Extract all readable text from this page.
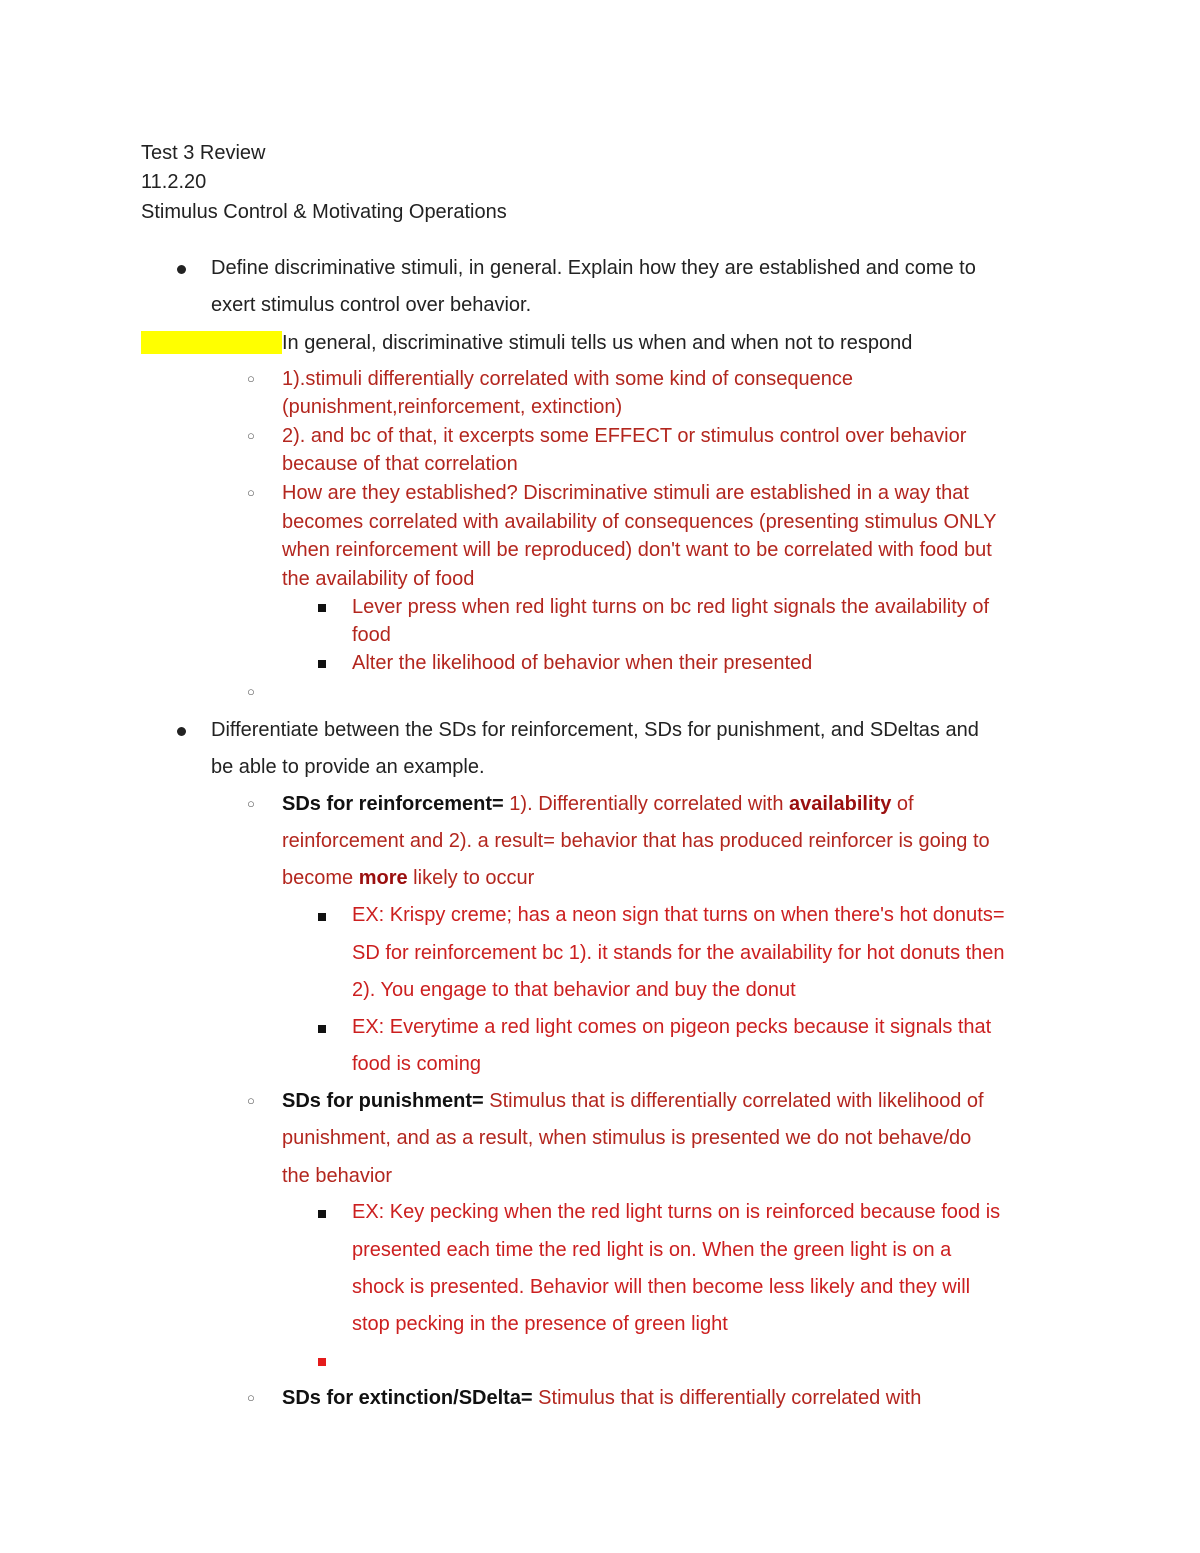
Test 3 Review
11.2.20
Stimulus Control & Motivating Operations
Define discriminative stimuli, in general. Explain how they are established and come to
exert stimulus control over behavior.
In general, discriminative stimuli tells us when and when not to respond
○ 1).stimuli differentially correlated with some kind of consequence
(punishment,reinforcement, extinction)
○ 2). and bc of that, it excerpts some EFFECT or stimulus control over behavior
because of that correlation
○ How are they established? Discriminative stimuli are established in a way that
becomes correlated with availability of consequences (presenting stimulus ONLY
when reinforcement will be reproduced) don't want to be correlated with food but
the availability of food
Lever press when red light turns on bc red light signals the availability of
food
Alter the likelihood of behavior when their presented
○
Differentiate between the SDs for reinforcement, SDs for punishment, and SDeltas and
be able to provide an example.
○ SDs for reinforcement= 1). Differentially correlated with availability of
reinforcement and 2). a result= behavior that has produced reinforcer is going to
become more likely to occur
EX: Krispy creme; has a neon sign that turns on when there's hot donuts=
SD for reinforcement bc 1). it stands for the availability for hot donuts then
2). You engage to that behavior and buy the donut
EX: Everytime a red light comes on pigeon pecks because it signals that
food is coming
○ SDs for punishment= Stimulus that is differentially correlated with likelihood of
punishment, and as a result, when stimulus is presented we do not behave/do
the behavior
EX: Key pecking when the red light turns on is reinforced because food is
presented each time the red light is on. When the green light is on a
shock is presented. Behavior will then become less likely and they will
stop pecking in the presence of green light
○ SDs for extinction/SDelta= Stimulus that is differentially correlated with
